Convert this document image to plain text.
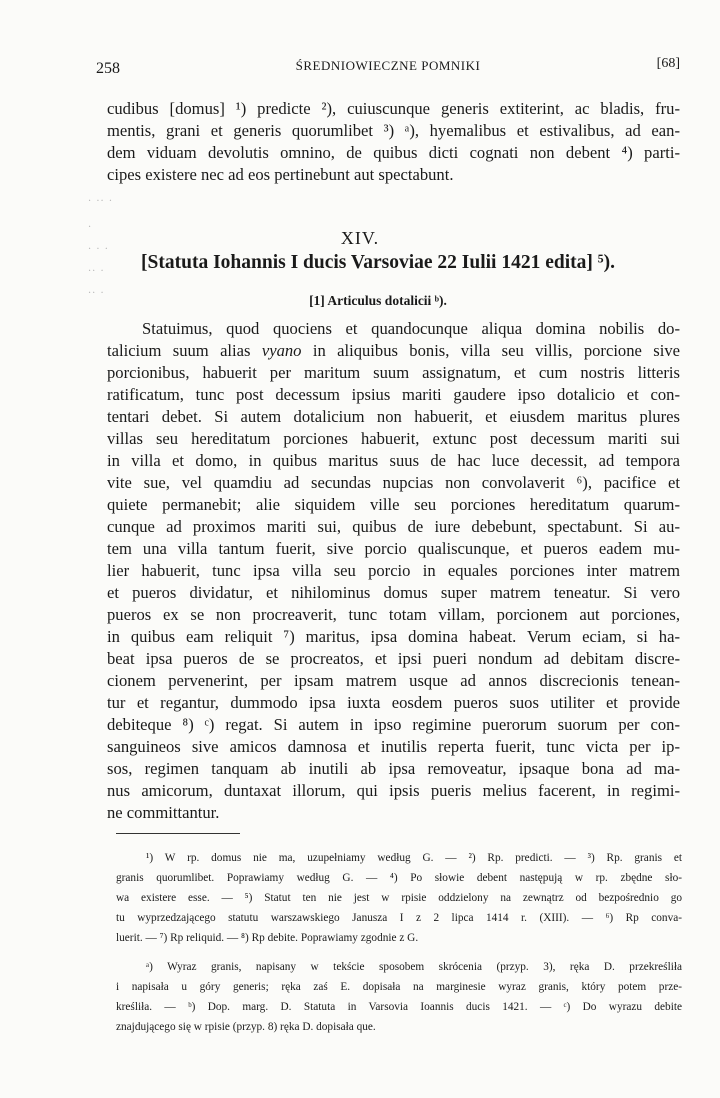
258	ŚREDNIOWIECZNE POMNIKI	[68]
cudibus [domus] ¹) predicte ²), cuiuscunque generis extiterint, ac bladis, fru-
mentis, grani et generis quorumlibet ³) ᵃ), hyemalibus et estivalibus, ad ean-
dem viduam devolutis omnino, de quibus dicti cognati non debent ⁴) parti-
cipes existere nec ad eos pertinebunt aut spectabunt.
· ·· ·
·
· · ·
·· ·
·· ·
XIV.
[Statuta Iohannis I ducis Varsoviae 22 Iulii 1421 edita] ⁵).
[1] Articulus dotalicii ᵇ).
Statuimus, quod quociens et quandocunque aliqua domina nobilis do-
talicium suum alias vyano in aliquibus bonis, villa seu villis, porcione sive
porcionibus, habuerit per maritum suum assignatum, et cum nostris litteris
ratificatum, tunc post decessum ipsius mariti gaudere ipso dotalicio et con-
tentari debet. Si autem dotalicium non habuerit, et eiusdem maritus plures
villas seu hereditatum porciones habuerit, extunc post decessum mariti sui
in villa et domo, in quibus maritus suus de hac luce decessit, ad tempora
vite sue, vel quamdiu ad secundas nupcias non convolaverit ⁶), pacifice et
quiete permanebit; alie siquidem ville seu porciones hereditatum quarum-
cunque ad proximos mariti sui, quibus de iure debebunt, spectabunt. Si au-
tem una villa tantum fuerit, sive porcio qualiscunque, et pueros eadem mu-
lier habuerit, tunc ipsa villa seu porcio in equales porciones inter matrem
et pueros dividatur, et nihilominus domus super matrem teneatur. Si vero
pueros ex se non procreaverit, tunc totam villam, porcionem aut porciones,
in quibus eam reliquit ⁷) maritus, ipsa domina habeat. Verum eciam, si ha-
beat ipsa pueros de se procreatos, et ipsi pueri nondum ad debitam discre-
cionem pervenerint, per ipsam matrem usque ad annos discrecionis tenean-
tur et regantur, dummodo ipsa iuxta eosdem pueros suos utiliter et provide
debiteque ⁸) ᶜ) regat. Si autem in ipso regimine puerorum suorum per con-
sanguineos sive amicos damnosa et inutilis reperta fuerit, tunc victa per ip-
sos, regimen tanquam ab inutili ab ipsa removeatur, ipsaque bona ad ma-
nus amicorum, duntaxat illorum, qui ipsis pueris melius facerent, in regimi-
ne committantur.
¹) W rp. domus nie ma, uzupełniamy według G. — ²) Rp. predicti. — ³) Rp. granis et
granis quorumlibet. Poprawiamy według G. — ⁴) Po słowie debent następują w rp. zbędne sło-
wa existere esse. — ⁵) Statut ten nie jest w rpisie oddzielony na zewnątrz od bezpośrednio go
tu wyprzedzającego statutu warszawskiego Janusza I z 2 lipca 1414 r. (XIII). — ⁶) Rp conva-
luerit. — ⁷) Rp reliquid. — ⁸) Rp debite. Poprawiamy zgodnie z G.
ᵃ) Wyraz granis, napisany w tekście sposobem skrócenia (przyp. 3), ręka D. przekreśliła
i napisała u góry generis; ręka zaś E. dopisała na marginesie wyraz granis, który potem prze-
kreśliła. — ᵇ) Dop. marg. D. Statuta in Varsovia Ioannis ducis 1421. — ᶜ) Do wyrazu debite
znajdującego się w rpisie (przyp. 8) ręka D. dopisała que.
